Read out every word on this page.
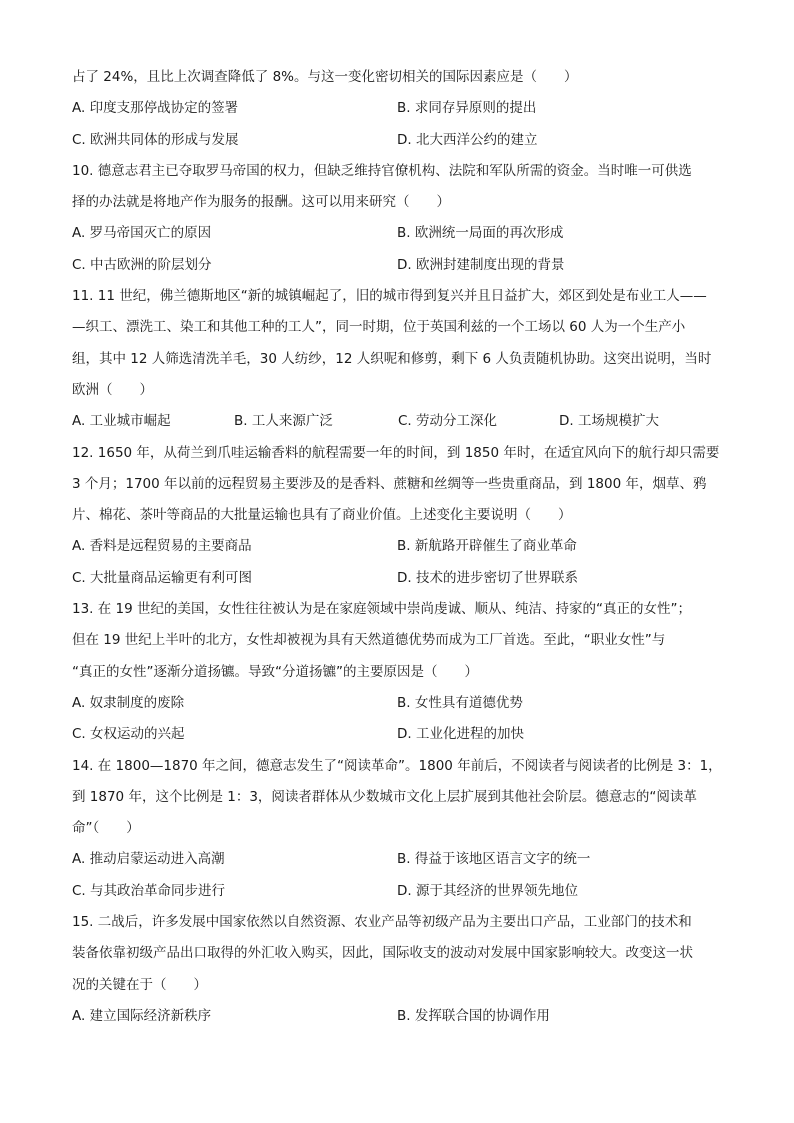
占了 24%，且比上次调查降低了 8%。与这一变化密切相关的国际因素应是（　　）
A. 印度支那停战协定的签署	B. 求同存异原则的提出
C. 欧洲共同体的形成与发展	D. 北大西洋公约的建立
10. 德意志君主已夺取罗马帝国的权力，但缺乏维持官僚机构、法院和军队所需的资金。当时唯一可供选
择的办法就是将地产作为服务的报酬。这可以用来研究（　　）
A. 罗马帝国灭亡的原因	B. 欧洲统一局面的再次形成
C. 中古欧洲的阶层划分	D. 欧洲封建制度出现的背景
11. 11 世纪，佛兰德斯地区“新的城镇崛起了，旧的城市得到复兴并且日益扩大，郊区到处是布业工人——
—织工、漂洗工、染工和其他工种的工人”，同一时期，位于英国利兹的一个工场以 60 人为一个生产小
组，其中 12 人筛选清洗羊毛，30 人纺纱，12 人织呢和修剪，剩下 6 人负责随机协助。这突出说明，当时
欧洲（　　）
A. 工业城市崛起	B. 工人来源广泛	C. 劳动分工深化	D. 工场规模扩大
12. 1650 年，从荷兰到爪哇运输香料的航程需要一年的时间，到 1850 年时，在适宜风向下的航行却只需要
3 个月；1700 年以前的远程贸易主要涉及的是香料、蔗糖和丝绸等一些贵重商品，到 1800 年，烟草、鸦
片、棉花、茶叶等商品的大批量运输也具有了商业价值。上述变化主要说明（　　）
A. 香料是远程贸易的主要商品	B. 新航路开辟催生了商业革命
C. 大批量商品运输更有利可图	D. 技术的进步密切了世界联系
13. 在 19 世纪的美国，女性往往被认为是在家庭领域中崇尚虔诚、顺从、纯洁、持家的“真正的女性”；
但在 19 世纪上半叶的北方，女性却被视为具有天然道德优势而成为工厂首选。至此，“职业女性”与
“真正的女性”逐渐分道扬镳。导致“分道扬镳”的主要原因是（　　）
A. 奴隶制度的废除	B. 女性具有道德优势
C. 女权运动的兴起	D. 工业化进程的加快
14. 在 1800—1870 年之间，德意志发生了“阅读革命”。1800 年前后，不阅读者与阅读者的比例是 3：1，
到 1870 年，这个比例是 1：3，阅读者群体从少数城市文化上层扩展到其他社会阶层。德意志的“阅读革
命”（　　）
A. 推动启蒙运动进入高潮	B. 得益于该地区语言文字的统一
C. 与其政治革命同步进行	D. 源于其经济的世界领先地位
15. 二战后，许多发展中国家依然以自然资源、农业产品等初级产品为主要出口产品，工业部门的技术和
装备依靠初级产品出口取得的外汇收入购买，因此，国际收支的波动对发展中国家影响较大。改变这一状
况的关键在于（　　）
A. 建立国际经济新秩序	B. 发挥联合国的协调作用
